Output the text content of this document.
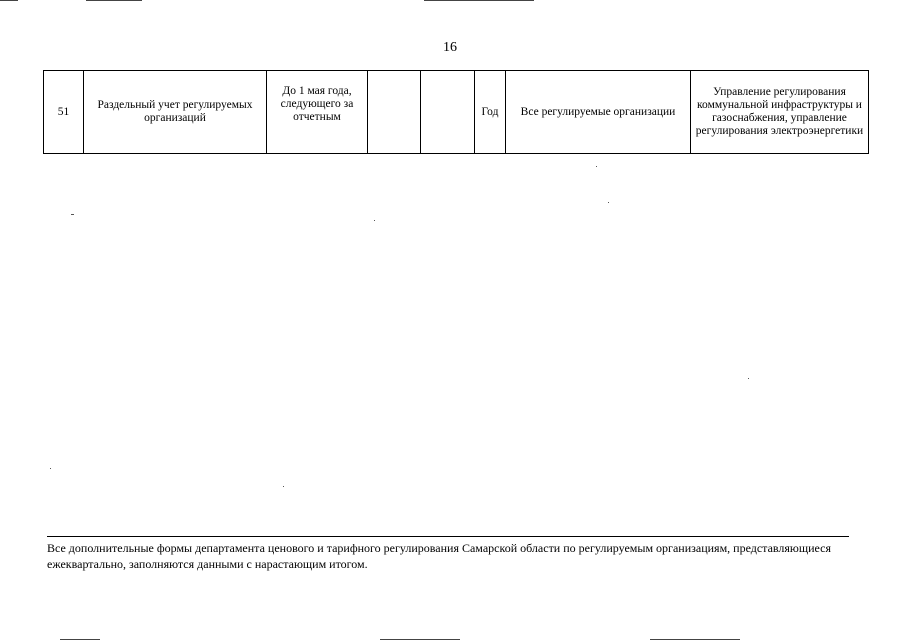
16
51	Раздельный учет регулируемых организаций	До 1 мая года, следующего за отчетным			Год	Все регулируемые организации	Управление регулирования коммунальной инфраструктуры и газоснабжения, управление регулирования электроэнергетики
Все дополнительные формы департамента ценового и тарифного регулирования Самарской области по регулируемым организациям, представляющиеся ежеквартально, заполняются данными с нарастающим итогом.
